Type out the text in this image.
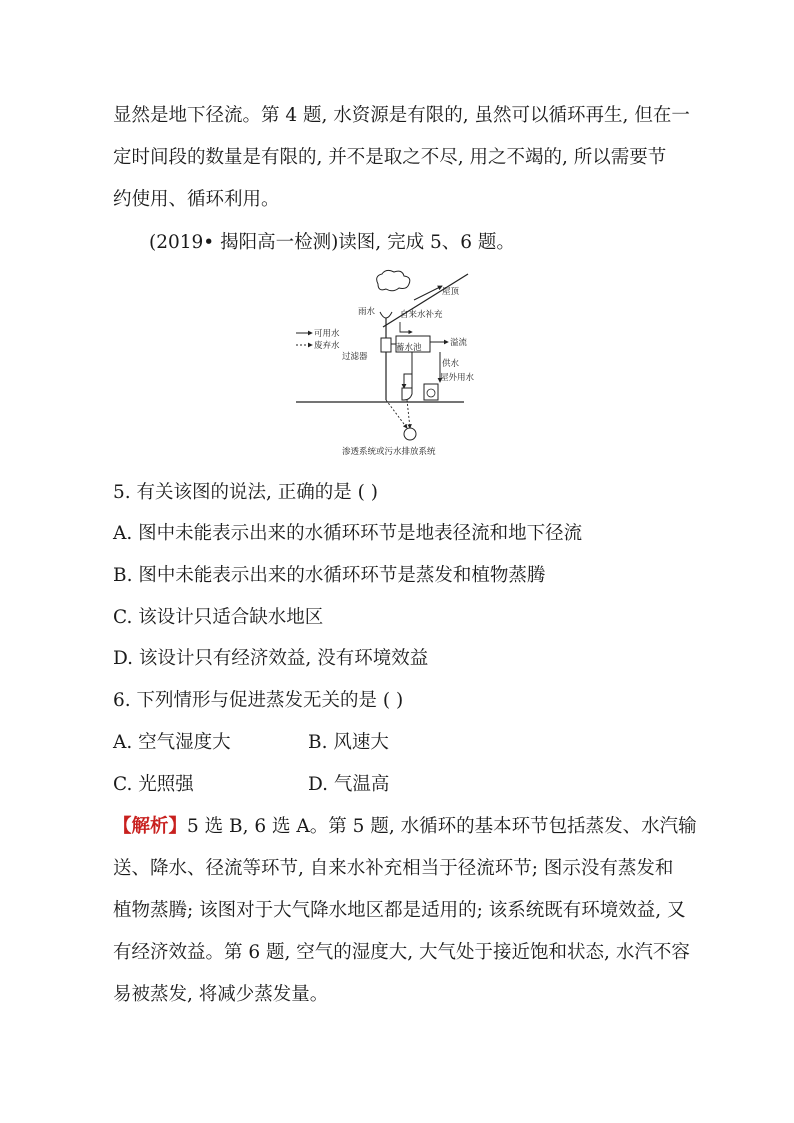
显然是地下径流。第 4 题, 水资源是有限的, 虽然可以循环再生, 但在一
定时间段的数量是有限的, 并不是取之不尽, 用之不竭的, 所以需要节
约使用、循环利用。
(2019• 揭阳高一检测)读图, 完成 5、6 题。
屋顶
雨水	自来水补充
可用水
废弃水
过滤器
蓄水池	溢流
供水
屋外用水
渗透系统或污水排放系统
5. 有关该图的说法, 正确的是 ( )
A. 图中未能表示出来的水循环环节是地表径流和地下径流
B. 图中未能表示出来的水循环环节是蒸发和植物蒸腾
C. 该设计只适合缺水地区
D. 该设计只有经济效益, 没有环境效益
6. 下列情形与促进蒸发无关的是 ( )
A. 空气湿度大	B. 风速大
C. 光照强	D. 气温高
【解析】5 选 B, 6 选 A。第 5 题, 水循环的基本环节包括蒸发、水汽输
送、降水、径流等环节, 自来水补充相当于径流环节; 图示没有蒸发和
植物蒸腾; 该图对于大气降水地区都是适用的; 该系统既有环境效益, 又
有经济效益。第 6 题, 空气的湿度大, 大气处于接近饱和状态, 水汽不容
易被蒸发, 将减少蒸发量。
